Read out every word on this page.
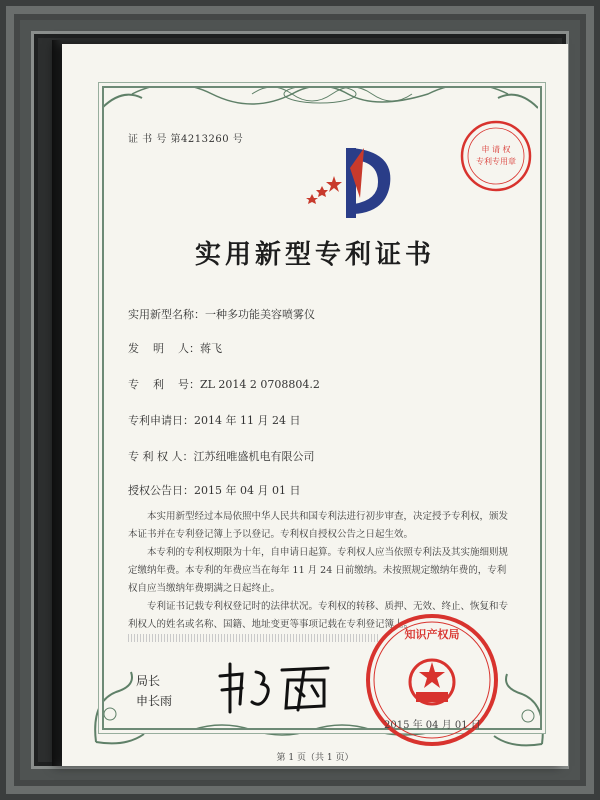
证 书 号 第4213260 号
申 请 权
专利专用章
实用新型专利证书
实用新型名称：一种多功能美容喷雾仪
发    明    人：蒋飞
专    利    号：ZL 2014 2 0708804.2
专利申请日：2014 年 11 月 24 日
专 利 权 人：江苏纽唯盛机电有限公司
授权公告日：2015 年 04 月 01 日
本实用新型经过本局依照中华人民共和国专利法进行初步审查，决定授予专利权，颁发本证书并在专利登记簿上予以登记。专利权自授权公告之日起生效。
本专利的专利权期限为十年，自申请日起算。专利权人应当依照专利法及其实施细则规定缴纳年费。本专利的年费应当在每年 11 月 24 日前缴纳。未按照规定缴纳年费的，专利权自应当缴纳年费期满之日起终止。
专利证书记载专利权登记时的法律状况。专利权的转移、质押、无效、终止、恢复和专利权人的姓名或名称、国籍、地址变更等事项记载在专利登记簿上。
局长
申长雨
知识产权局
2015 年 04 月 01 日
第 1 页（共 1 页）
